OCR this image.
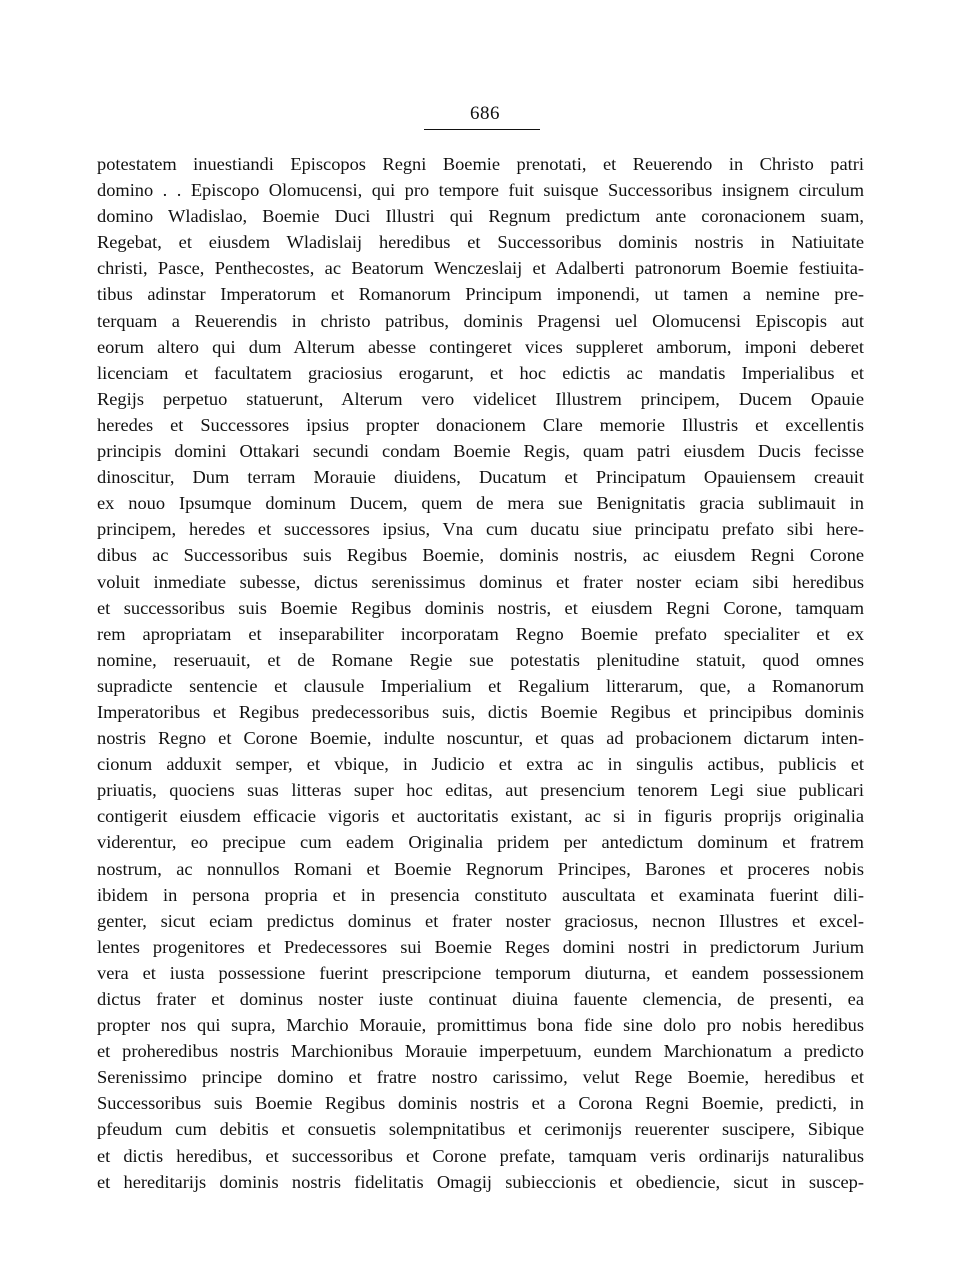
686
potestatem inuestiandi Episcopos Regni Boemie prenotati, et Reuerendo in Christo patri
domino . . Episcopo Olomucensi, qui pro tempore fuit suisque Successoribus insignem circulum
domino Wladislao, Boemie Duci Illustri qui Regnum predictum ante coronacionem suam,
Regebat, et eiusdem Wladislaij heredibus et Successoribus dominis nostris in Natiuitate
christi, Pasce, Penthecostes, ac Beatorum Wenczeslaij et Adalberti patronorum Boemie festiuita-
tibus adinstar Imperatorum et Romanorum Principum imponendi, ut tamen a nemine pre-
terquam a Reuerendis in christo patribus, dominis Pragensi uel Olomucensi Episcopis aut
eorum altero qui dum Alterum abesse contingeret vices suppleret amborum, imponi deberet
licenciam et facultatem graciosius erogarunt, et hoc edictis ac mandatis Imperialibus et
Regijs perpetuo statuerunt, Alterum vero videlicet Illustrem principem, Ducem Opauie
heredes et Successores ipsius propter donacionem Clare memorie Illustris et excellentis
principis domini Ottakari secundi condam Boemie Regis, quam patri eiusdem Ducis fecisse
dinoscitur, Dum terram Morauie diuidens, Ducatum et Principatum Opauiensem creauit
ex nouo Ipsumque dominum Ducem, quem de mera sue Benignitatis gracia sublimauit in
principem, heredes et successores ipsius, Vna cum ducatu siue principatu prefato sibi here-
dibus ac Successoribus suis Regibus Boemie, dominis nostris, ac eiusdem Regni Corone
voluit inmediate subesse, dictus serenissimus dominus et frater noster eciam sibi heredibus
et successoribus suis Boemie Regibus dominis nostris, et eiusdem Regni Corone, tamquam
rem apropriatam et inseparabiliter incorporatam Regno Boemie prefato specialiter et ex
nomine, reseruauit, et de Romane Regie sue potestatis plenitudine statuit, quod omnes
supradicte sentencie et clausule Imperialium et Regalium litterarum, que, a Romanorum
Imperatoribus et Regibus predecessoribus suis, dictis Boemie Regibus et principibus dominis
nostris Regno et Corone Boemie, indulte noscuntur, et quas ad probacionem dictarum inten-
cionum adduxit semper, et vbique, in Judicio et extra ac in singulis actibus, publicis et
priuatis, quociens suas litteras super hoc editas, aut presencium tenorem Legi siue publicari
contigerit eiusdem efficacie vigoris et auctoritatis existant, ac si in figuris proprijs originalia
viderentur, eo precipue cum eadem Originalia pridem per antedictum dominum et fratrem
nostrum, ac nonnullos Romani et Boemie Regnorum Principes, Barones et proceres nobis
ibidem in persona propria et in presencia constituto auscultata et examinata fuerint dili-
genter, sicut eciam predictus dominus et frater noster graciosus, necnon Illustres et excel-
lentes progenitores et Predecessores sui Boemie Reges domini nostri in predictorum Jurium
vera et iusta possessione fuerint prescripcione temporum diuturna, et eandem possessionem
dictus frater et dominus noster iuste continuat diuina fauente clemencia, de presenti, ea
propter nos qui supra, Marchio Morauie, promittimus bona fide sine dolo pro nobis heredibus
et proheredibus nostris Marchionibus Morauie imperpetuum, eundem Marchionatum a predicto
Serenissimo principe domino et fratre nostro carissimo, velut Rege Boemie, heredibus et
Successoribus suis Boemie Regibus dominis nostris et a Corona Regni Boemie, predicti, in
pfeudum cum debitis et consuetis solempnitatibus et cerimonijs reuerenter suscipere, Sibique
et dictis heredibus, et successoribus et Corone prefate, tamquam veris ordinarijs naturalibus
et hereditarijs dominis nostris fidelitatis Omagij subieccionis et obediencie, sicut in suscep-
